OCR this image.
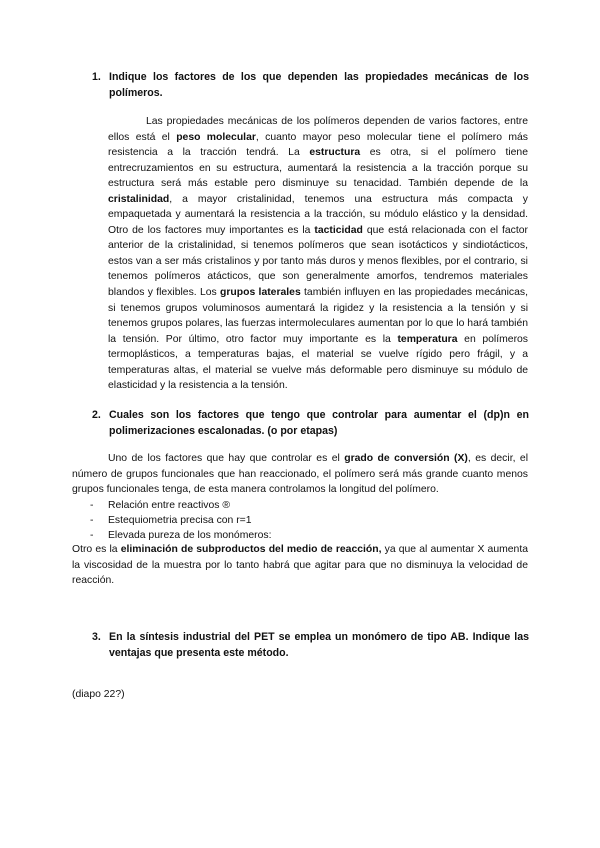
1. Indique los factores de los que dependen las propiedades mecánicas de los polímeros.
Las propiedades mecánicas de los polímeros dependen de varios factores, entre ellos está el peso molecular, cuanto mayor peso molecular tiene el polímero más resistencia a la tracción tendrá. La estructura es otra, si el polímero tiene entrecruzamientos en su estructura, aumentará la resistencia a la tracción porque su estructura será más estable pero disminuye su tenacidad. También depende de la cristalinidad, a mayor cristalinidad, tenemos una estructura más compacta y empaquetada y aumentará la resistencia a la tracción, su módulo elástico y la densidad. Otro de los factores muy importantes es la tacticidad que está relacionada con el factor anterior de la cristalinidad, si tenemos polímeros que sean isotácticos y sindiotácticos, estos van a ser más cristalinos y por tanto más duros y menos flexibles, por el contrario, si tenemos polímeros atácticos, que son generalmente amorfos, tendremos materiales blandos y flexibles. Los grupos laterales también influyen en las propiedades mecánicas, si tenemos grupos voluminosos aumentará la rigidez y la resistencia a la tensión y si tenemos grupos polares, las fuerzas intermoleculares aumentan por lo que lo hará también la tensión. Por último, otro factor muy importante es la temperatura en polímeros termoplásticos, a temperaturas bajas, el material se vuelve rígido pero frágil, y a temperaturas altas, el material se vuelve más deformable pero disminuye su módulo de elasticidad y la resistencia a la tensión.
2. Cuales son los factores que tengo que controlar para aumentar el (dp)n en polimerizaciones escalonadas. (o por etapas)
Uno de los factores que hay que controlar es el grado de conversión (X), es decir, el número de grupos funcionales que han reaccionado, el polímero será más grande cuanto menos grupos funcionales tenga, de esta manera controlamos la longitud del polímero.
- Relación entre reactivos ®
- Estequiometria precisa con r=1
- Elevada pureza de los monómeros:
Otro es la eliminación de subproductos del medio de reacción, ya que al aumentar X aumenta la viscosidad de la muestra por lo tanto habrá que agitar para que no disminuya la velocidad de reacción.
3. En la síntesis industrial del PET se emplea un monómero de tipo AB. Indique las ventajas que presenta este método.
(diapo 22?)
